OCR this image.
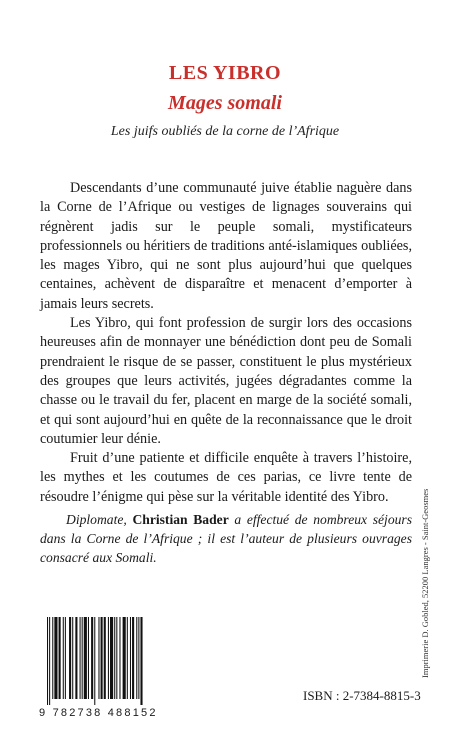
LES YIBRO
Mages somali
Les juifs oubliés de la corne de l’Afrique

Descendants d’une communauté juive établie naguère dans la Corne de l’Afrique ou vestiges de lignages souverains qui régnèrent jadis sur le peuple somali, mystificateurs professionnels ou héritiers de traditions anté-islamiques oubliées, les mages Yibro, qui ne sont plus aujourd’hui que quelques centaines, achèvent de disparaître et menacent d’emporter à jamais leurs secrets.

Les Yibro, qui font profession de surgir lors des occasions heureuses afin de monnayer une bénédiction dont peu de Somali prendraient le risque de se passer, constituent le plus mystérieux des groupes que leurs activités, jugées dégradantes comme la chasse ou le travail du fer, placent en marge de la société somali, et qui sont aujourd’hui en quête de la reconnaissance que le droit coutumier leur dénie.

Fruit d’une patiente et difficile enquête à travers l’histoire, les mythes et les coutumes de ces parias, ce livre tente de résoudre l’énigme qui pèse sur la véritable identité des Yibro.

Diplomate, Christian Bader a effectué de nombreux séjours dans la Corne de l’Afrique ; il est l’auteur de plusieurs ouvrages consacré aux Somali.	Imprimerie D. Gobled, 52200 Langres - Saint-Geosmes
9 782738 488152
ISBN : 2-7384-8815-3
